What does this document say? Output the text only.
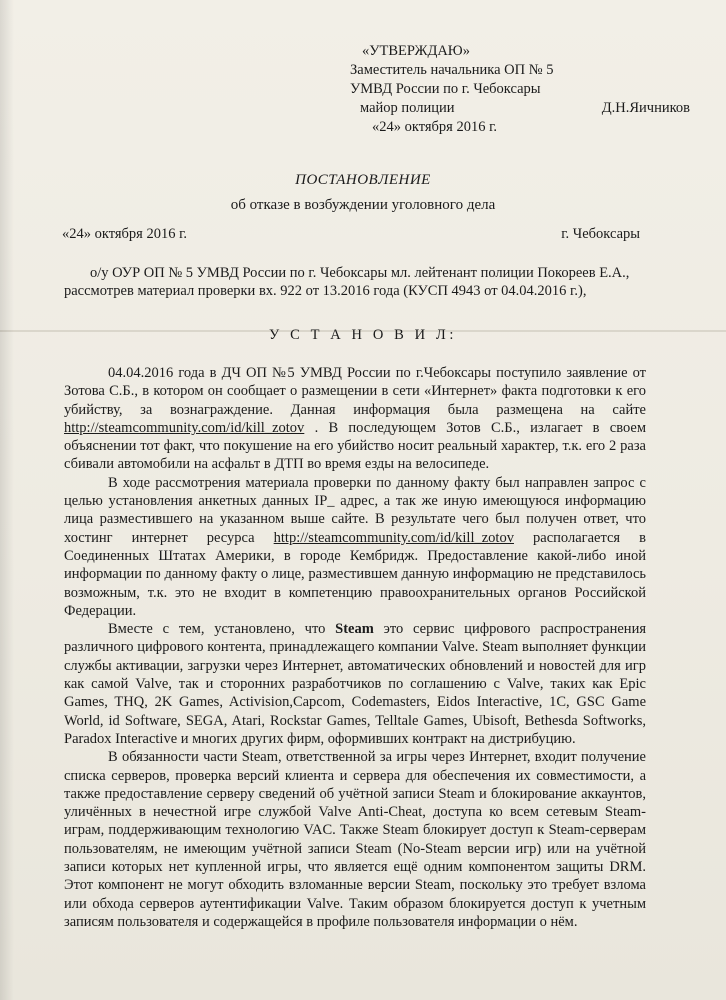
«УТВЕРЖДАЮ»
Заместитель начальника ОП № 5
УМВД России по г. Чебоксары
майор полиции	Д.Н.Яичников
«24» октября 2016 г.
ПОСТАНОВЛЕНИЕ
об отказе в возбуждении уголовного дела
«24» октября 2016 г.	г. Чебоксары
о/у ОУР ОП № 5 УМВД России по г. Чебоксары мл. лейтенант полиции Покореев Е.А.,
рассмотрев материал проверки вх. 922 от 13.2016 года (КУСП 4943 от 04.04.2016 г.),
У С Т А Н О В И Л:

04.04.2016 года в ДЧ ОП №5 УМВД России по г.Чебоксары поступило заявление от Зотова С.Б., в котором он сообщает о размещении в сети «Интернет» факта подготовки к его убийству, за вознаграждение. Данная информация была размещена на сайте http://steamcommunity.com/id/kill_zotov . В последующем Зотов С.Б., излагает в своем объяснении тот факт, что покушение на его убийство носит реальный характер, т.к. его 2 раза сбивали автомобили на асфальт в ДТП во время езды на велосипеде.

В ходе рассмотрения материала проверки по данному факту был направлен запрос с целью установления анкетных данных IP_ адрес, а так же иную имеющуюся информацию лица разместившего на указанном выше сайте. В результате чего был получен ответ, что хостинг интернет ресурса http://steamcommunity.com/id/kill_zotov располагается в Соединенных Штатах Америки, в городе Кембридж. Предоставление какой-либо иной информации по данному факту о лице, разместившем данную информацию не представилось возможным, т.к. это не входит в компетенцию правоохранительных органов Российской Федерации.

Вместе с тем, установлено, что Steam это сервис цифрового распространения различного цифрового контента, принадлежащего компании Valve. Steam выполняет функции службы активации, загрузки через Интернет, автоматических обновлений и новостей для игр как самой Valve, так и сторонних разработчиков по соглашению с Valve, таких как Epic Games, THQ, 2K Games, Activision,Capcom, Codemasters, Eidos Interactive, 1C, GSC Game World, id Software, SEGA, Atari, Rockstar Games, Telltale Games, Ubisoft, Bethesda Softworks, Paradox Interactive и многих других фирм, оформивших контракт на дистрибуцию.

В обязанности части Steam, ответственной за игры через Интернет, входит получение списка серверов, проверка версий клиента и сервера для обеспечения их совместимости, а также предоставление серверу сведений об учётной записи Steam и блокирование аккаунтов, уличённых в нечестной игре службой Valve Anti-Cheat, доступа ко всем сетевым Steam-играм, поддерживающим технологию VAC. Также Steam блокирует доступ к Steam-серверам пользователям, не имеющим учётной записи Steam (No-Steam версии игр) или на учётной записи которых нет купленной игры, что является ещё одним компонентом защиты DRM. Этот компонент не могут обходить взломанные версии Steam, поскольку это требует взлома или обхода серверов аутентификации Valve. Таким образом блокируется доступ к учетным записям пользователя и содержащейся в профиле пользователя информации о нём.
